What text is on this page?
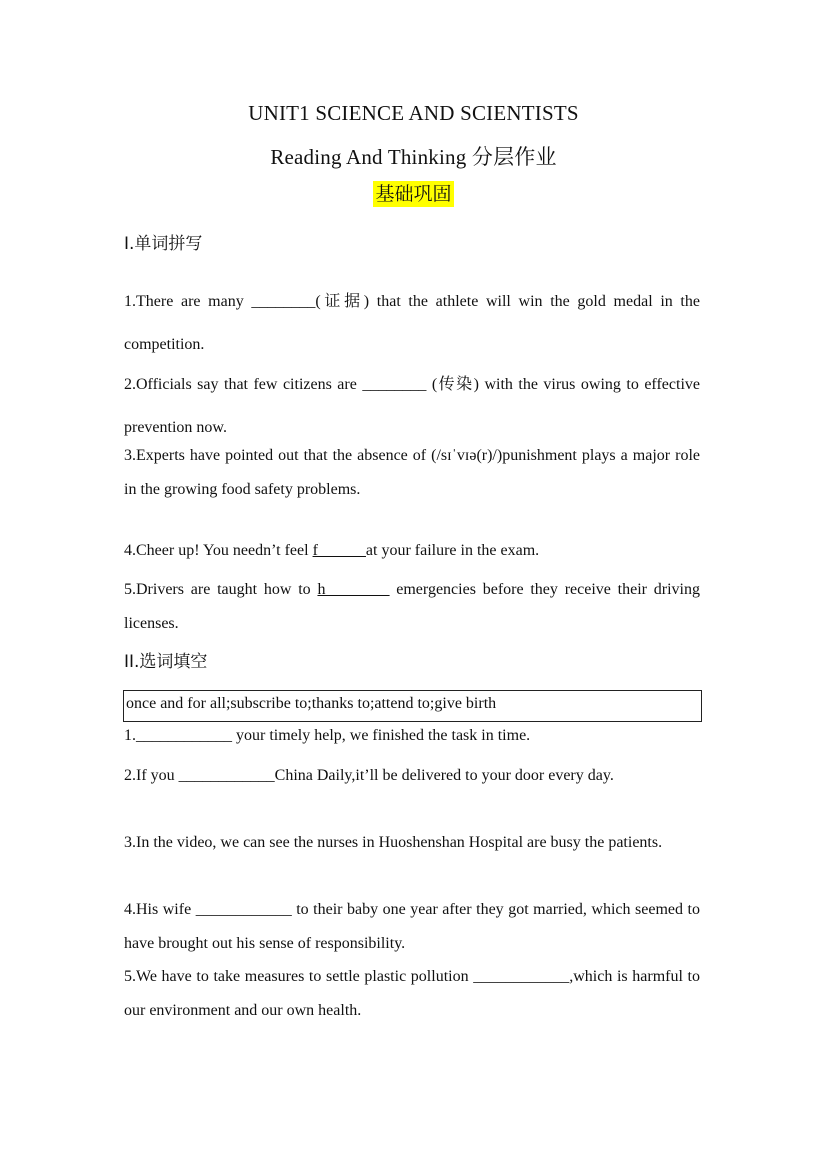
UNIT1 SCIENCE AND SCIENTISTS
Reading And Thinking 分层作业
基础巩固
I.单词拼写
1.There are many ________(证据) that the athlete will win the gold medal in the competition.
2.Officials say that few citizens are ________ (传染) with the virus owing to effective prevention now.
3.Experts have pointed out that the absence of (/sɪˈvɪə(r)/)punishment plays a major role in the growing food safety problems.
4.Cheer up! You needn’t feel f______at your failure in the exam.
5.Drivers are taught how to h________ emergencies before they receive their driving licenses.
II.选词填空
once and for all;subscribe to;thanks to;attend to;give birth
1.____________ your timely help, we finished the task in time.
2.If you ____________China Daily,it’ll be delivered to your door every day.
3.In the video, we can see the nurses in Huoshenshan Hospital are busy the patients.
4.His wife ____________ to their baby one year after they got married, which seemed to have brought out his sense of responsibility.
5.We have to take measures to settle plastic pollution ____________,which is harmful to our environment and our own health.
